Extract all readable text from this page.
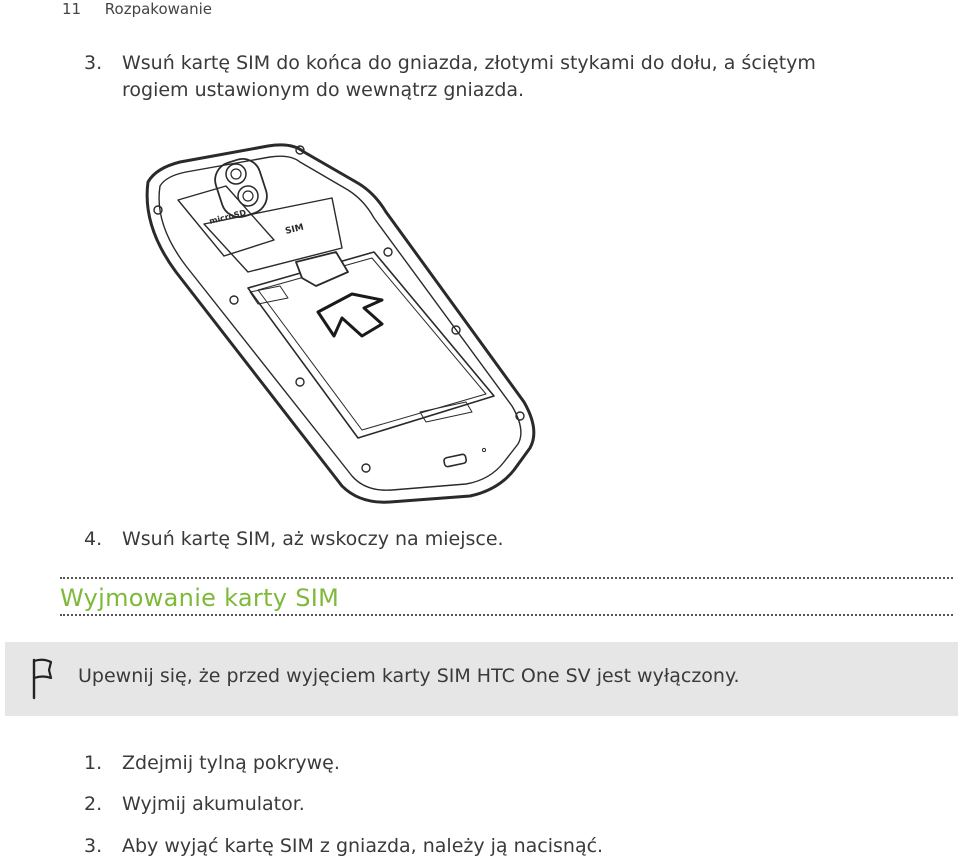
11 Rozpakowanie
3.	Wsuń kartę SIM do końca do gniazda, złotymi stykami do dołu, a ściętym
rogiem ustawionym do wewnątrz gniazda.
microSD
SIM
4.	Wsuń kartę SIM, aż wskoczy na miejsce.
Wyjmowanie karty SIM
Upewnij się, że przed wyjęciem karty SIM HTC One SV jest wyłączony.
1.	Zdejmij tylną pokrywę.
2.	Wyjmij akumulator.
3.	Aby wyjąć kartę SIM z gniazda, należy ją nacisnąć.
